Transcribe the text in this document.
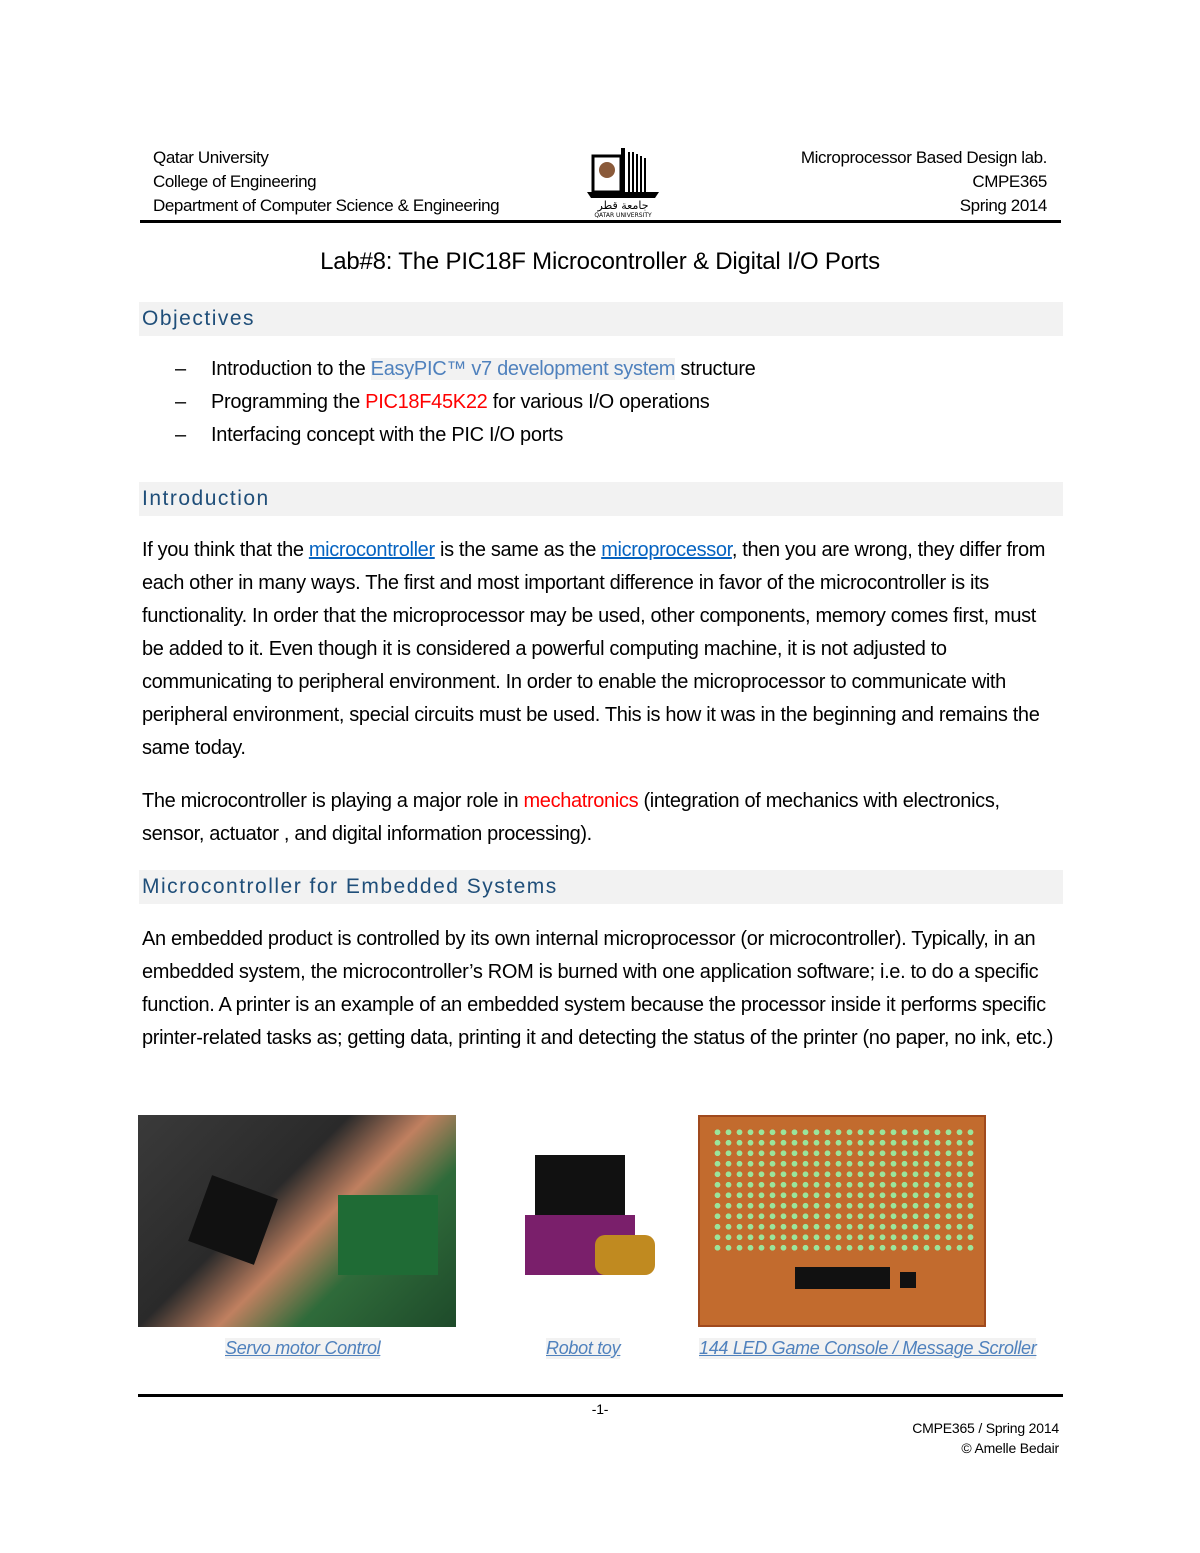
Qatar University
College of Engineering
Department of Computer Science & Engineering	جامعة قطر
QATAR UNIVERSITY
Microprocessor Based Design lab.
CMPE365
Spring 2014
Lab#8: The PIC18F Microcontroller & Digital I/O Ports
Objectives
– Introduction to the EasyPIC™ v7 development system structure
– Programming the PIC18F45K22 for various I/O operations
– Interfacing concept with the PIC I/O ports
Introduction
If you think that the microcontroller is the same as the microprocessor, then you are wrong, they differ from each other in many ways. The first and most important difference in favor of the microcontroller is its functionality. In order that the microprocessor may be used, other components, memory comes first, must be added to it. Even though it is considered a powerful computing machine, it is not adjusted to communicating to peripheral environment. In order to enable the microprocessor to communicate with peripheral environment, special circuits must be used. This is how it was in the beginning and remains the same today.
The microcontroller is playing a major role in mechatronics (integration of mechanics with electronics, sensor, actuator , and digital information processing).
Microcontroller for Embedded Systems
An embedded product is controlled by its own internal microprocessor (or microcontroller). Typically, in an embedded system, the microcontroller’s ROM is burned with one application software; i.e. to do a specific function. A printer is an example of an embedded system because the processor inside it performs specific printer-related tasks as; getting data, printing it and detecting the status of the printer (no paper, no ink, etc.)
Servo motor Control	Robot toy	144 LED Game Console / Message Scroller
-1-
CMPE365 / Spring 2014
© Amelle Bedair
